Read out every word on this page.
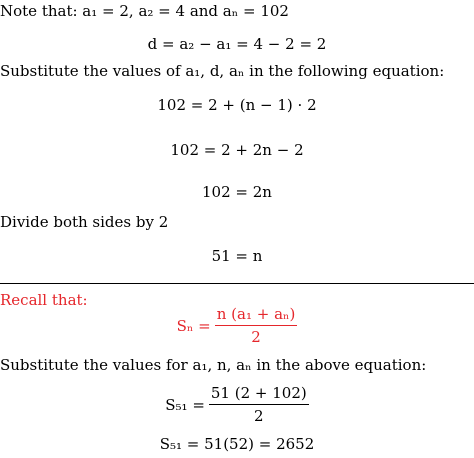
Note that: a₁ = 2, a₂ = 4 and aₙ = 102
d = a₂ − a₁ = 4 − 2 = 2
Substitute the values of a₁, d, aₙ in the following equation:
102 = 2 + (n − 1) · 2
102 = 2 + 2n − 2
102 = 2n
Divide both sides by 2
51 = n
Recall that:
$S_n = \frac{\text{n (a₁ + aₙ)}}{2}$
Substitute the values for a₁, n, aₙ in the above equation:
$S_{51} = \frac{51 (2 + 102)}{2}$
S₅₁ = 51(52) = 2652
